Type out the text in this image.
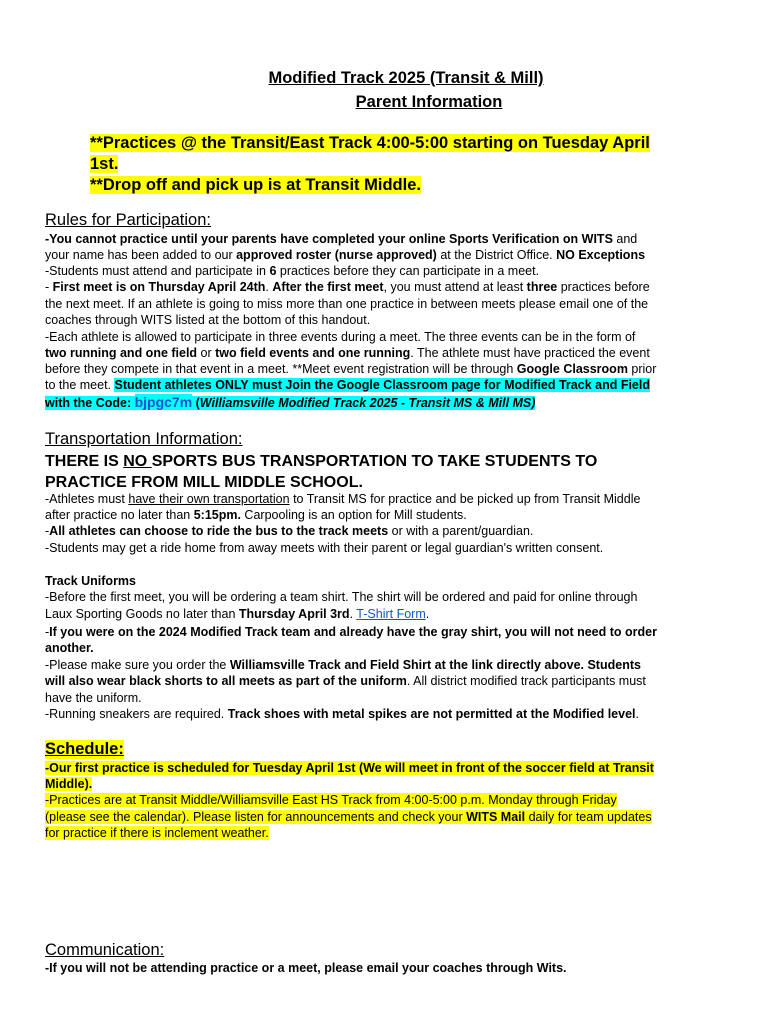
Modified Track 2025 (Transit & Mill)
Parent Information
**Practices @ the Transit/East Track 4:00-5:00 starting on Tuesday April
1st.
**Drop off and pick up is at Transit Middle.
Rules for Participation:
-You cannot practice until your parents have completed your online Sports Verification on WITS and
your name has been added to our approved roster (nurse approved) at the District Office. NO Exceptions
-Students must attend and participate in 6 practices before they can participate in a meet.
- First meet is on Thursday April 24th. After the first meet, you must attend at least three practices before
the next meet. If an athlete is going to miss more than one practice in between meets please email one of the
coaches through WITS listed at the bottom of this handout.
-Each athlete is allowed to participate in three events during a meet. The three events can be in the form of
two running and one field or two field events and one running. The athlete must have practiced the event
before they compete in that event in a meet. **Meet event registration will be through Google Classroom prior
to the meet. Student athletes ONLY must Join the Google Classroom page for Modified Track and Field
with the Code: bjpgc7m (Williamsville Modified Track 2025 - Transit MS & Mill MS)
Transportation Information:
THERE IS NO SPORTS BUS TRANSPORTATION TO TAKE STUDENTS TO
PRACTICE FROM MILL MIDDLE SCHOOL.
-Athletes must have their own transportation to Transit MS for practice and be picked up from Transit Middle
after practice no later than 5:15pm. Carpooling is an option for Mill students.
-All athletes can choose to ride the bus to the track meets or with a parent/guardian.
-Students may get a ride home from away meets with their parent or legal guardian's written consent.
Track Uniforms
-Before the first meet, you will be ordering a team shirt. The shirt will be ordered and paid for online through
Laux Sporting Goods no later than Thursday April 3rd. T-Shirt Form.
-If you were on the 2024 Modified Track team and already have the gray shirt, you will not need to order
another.
-Please make sure you order the Williamsville Track and Field Shirt at the link directly above. Students
will also wear black shorts to all meets as part of the uniform. All district modified track participants must
have the uniform.
-Running sneakers are required. Track shoes with metal spikes are not permitted at the Modified level.
Schedule:
-Our first practice is scheduled for Tuesday April 1st (We will meet in front of the soccer field at Transit
Middle).
-Practices are at Transit Middle/Williamsville East HS Track from 4:00-5:00 p.m. Monday through Friday
(please see the calendar). Please listen for announcements and check your WITS Mail daily for team updates
for practice if there is inclement weather.
Communication:
-If you will not be attending practice or a meet, please email your coaches through Wits.
